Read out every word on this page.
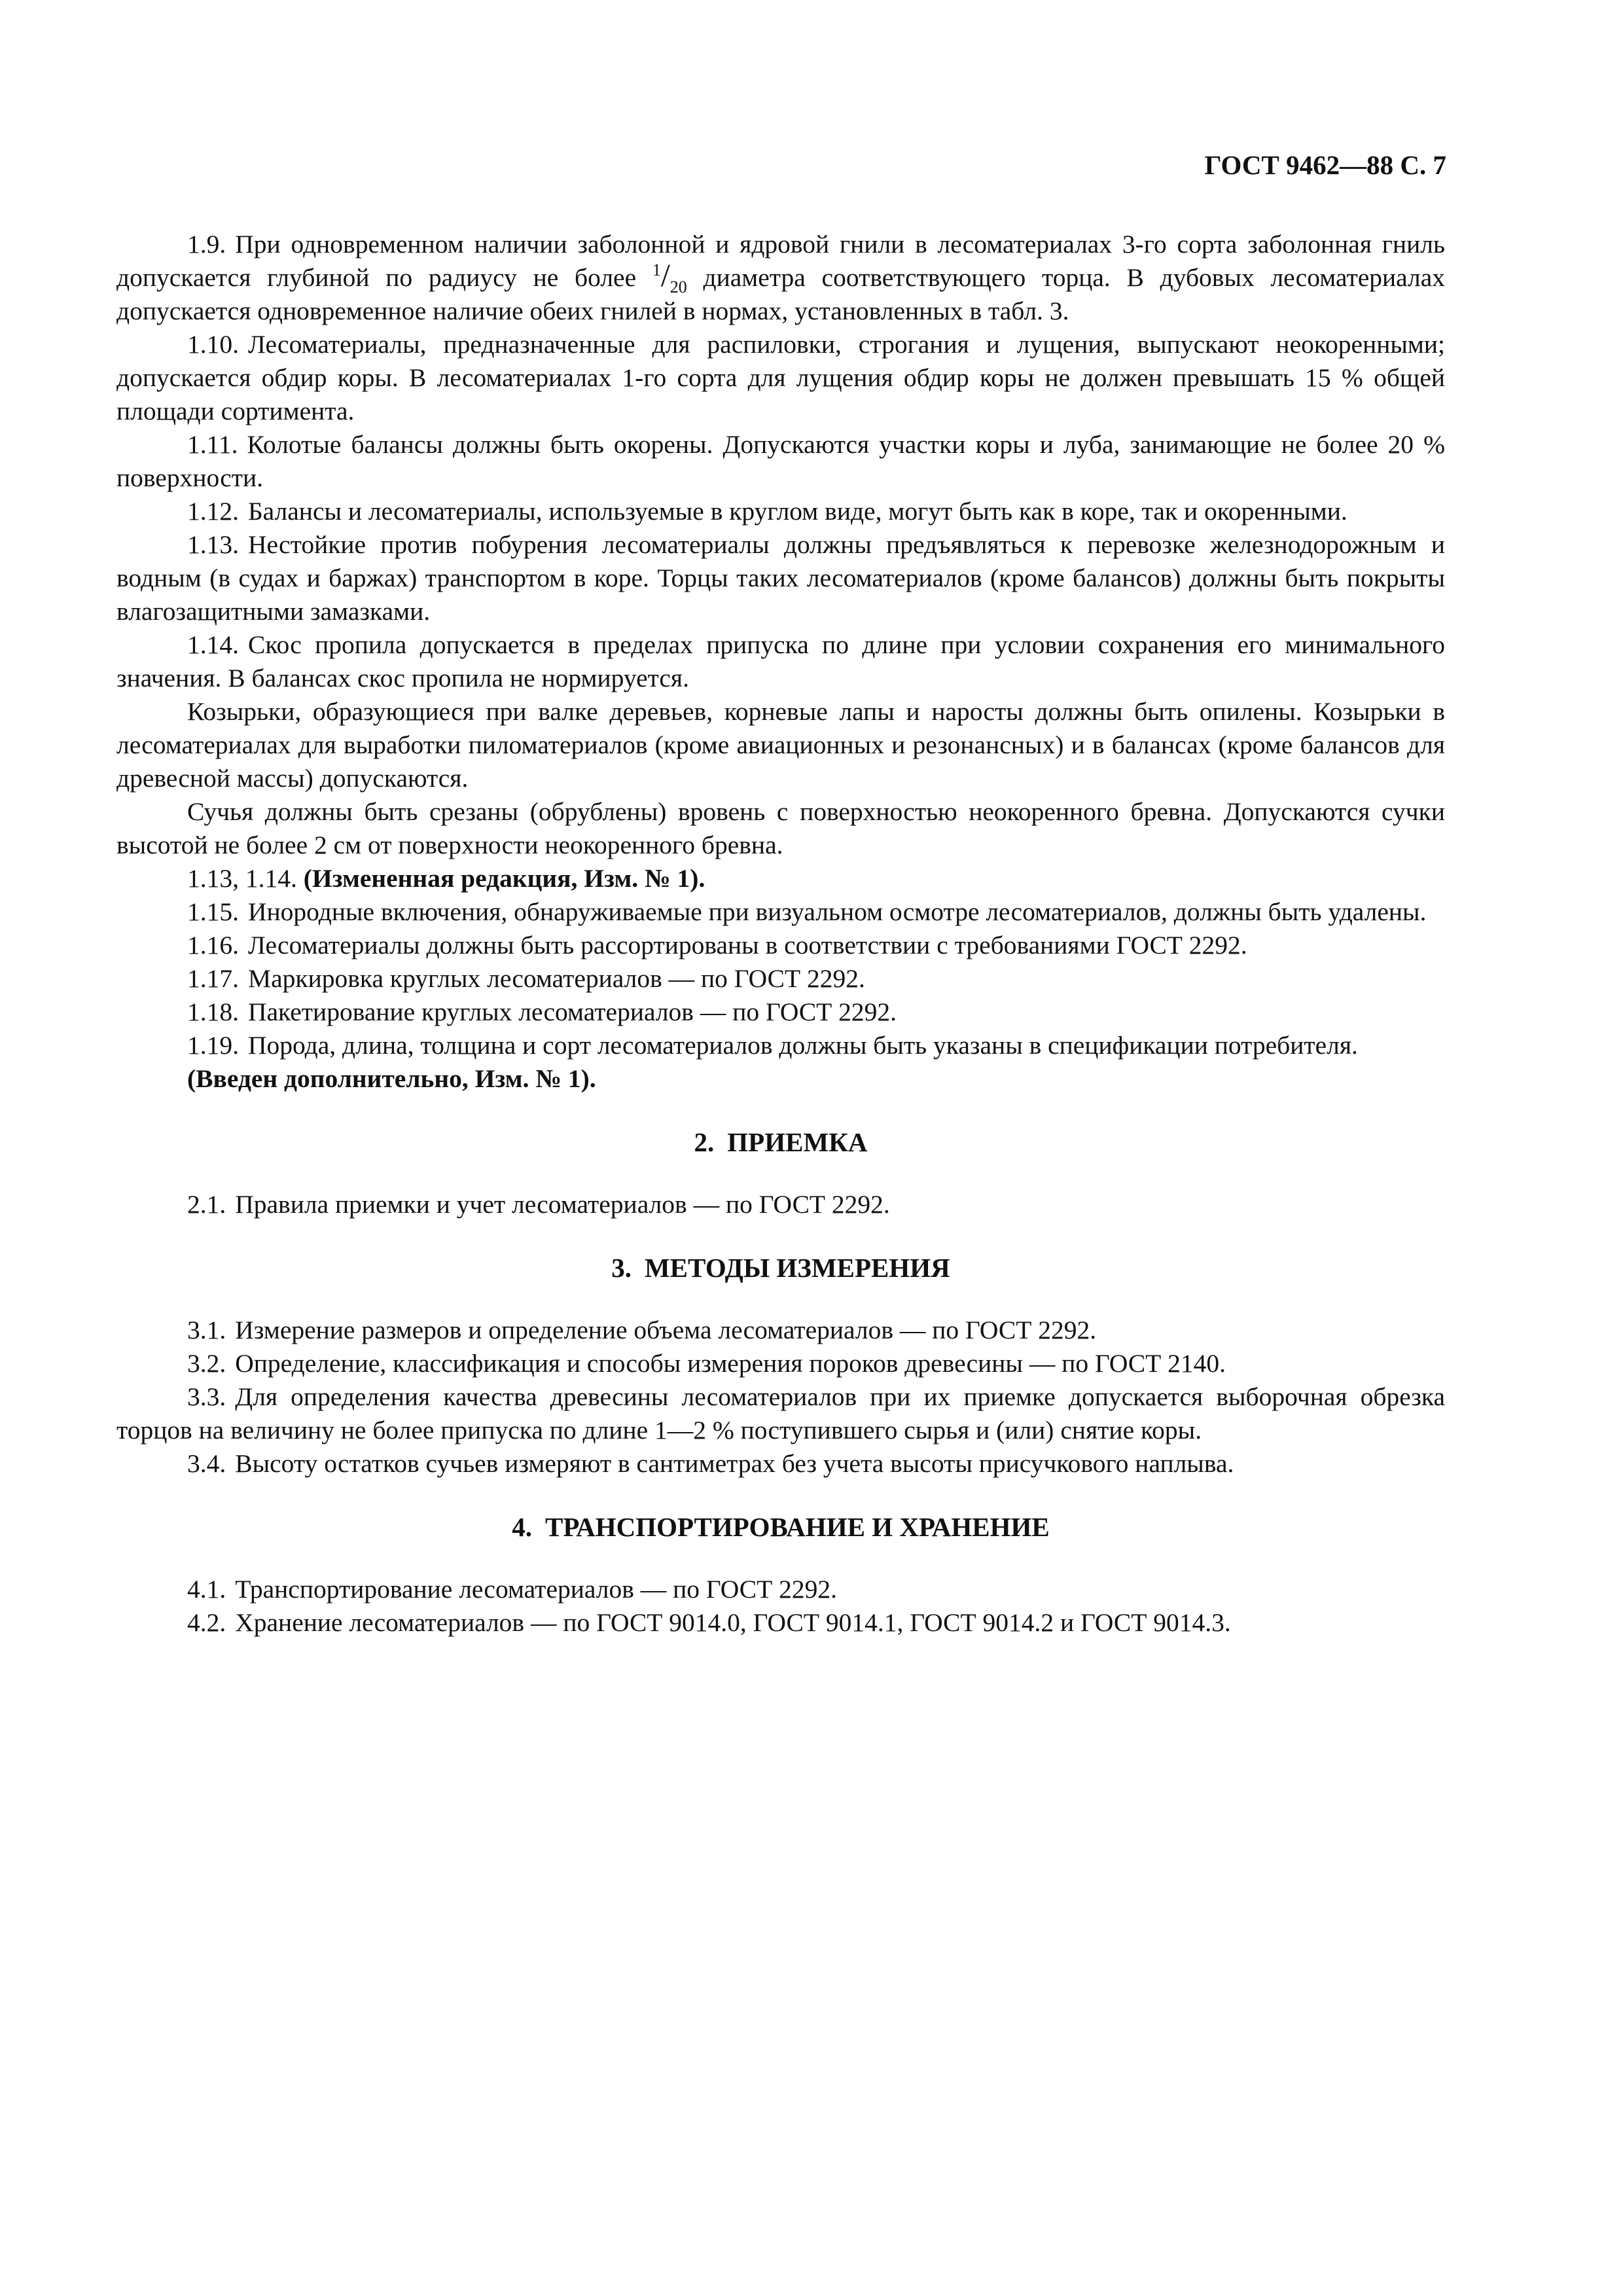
ГОСТ 9462—88 С. 7

1.9. При одновременном наличии заболонной и ядровой гнили в лесоматериалах 3-го сорта заболонная гниль допускается глубиной по радиусу не более $^1/_{20}$ диаметра соответствующего торца. В дубовых лесоматериалах допускается одновременное наличие обеих гнилей в нормах, установленных в табл. 3.

1.10. Лесоматериалы, предназначенные для распиловки, строгания и лущения, выпускают неокоренными; допускается обдир коры. В лесоматериалах 1-го сорта для лущения обдир коры не должен превышать 15 % общей площади сортимента.

1.11. Колотые балансы должны быть окорены. Допускаются участки коры и луба, занимающие не более 20 % поверхности.

1.12. Балансы и лесоматериалы, используемые в круглом виде, могут быть как в коре, так и окоренными.

1.13. Нестойкие против побурения лесоматериалы должны предъявляться к перевозке железнодорожным и водным (в судах и баржах) транспортом в коре. Торцы таких лесоматериалов (кроме балансов) должны быть покрыты влагозащитными замазками.

1.14. Скос пропила допускается в пределах припуска по длине при условии сохранения его минимального значения. В балансах скос пропила не нормируется.

Козырьки, образующиеся при валке деревьев, корневые лапы и наросты должны быть опилены. Козырьки в лесоматериалах для выработки пиломатериалов (кроме авиационных и резонансных) и в балансах (кроме балансов для древесной массы) допускаются.

Сучья должны быть срезаны (обрублены) вровень с поверхностью неокоренного бревна. Допускаются сучки высотой не более 2 см от поверхности неокоренного бревна.

1.13, 1.14. (Измененная редакция, Изм. № 1).

1.15. Инородные включения, обнаруживаемые при визуальном осмотре лесоматериалов, должны быть удалены.

1.16. Лесоматериалы должны быть рассортированы в соответствии с требованиями ГОСТ 2292.

1.17. Маркировка круглых лесоматериалов — по ГОСТ 2292.

1.18. Пакетирование круглых лесоматериалов — по ГОСТ 2292.

1.19. Порода, длина, толщина и сорт лесоматериалов должны быть указаны в спецификации потребителя.

(Введен дополнительно, Изм. № 1).

2. ПРИЕМКА

2.1. Правила приемки и учет лесоматериалов — по ГОСТ 2292.

3. МЕТОДЫ ИЗМЕРЕНИЯ

3.1. Измерение размеров и определение объема лесоматериалов — по ГОСТ 2292.

3.2. Определение, классификация и способы измерения пороков древесины — по ГОСТ 2140.

3.3. Для определения качества древесины лесоматериалов при их приемке допускается выборочная обрезка торцов на величину не более припуска по длине 1—2 % поступившего сырья и (или) снятие коры.

3.4. Высоту остатков сучьев измеряют в сантиметрах без учета высоты присучкового наплыва.

4. ТРАНСПОРТИРОВАНИЕ И ХРАНЕНИЕ

4.1. Транспортирование лесоматериалов — по ГОСТ 2292.

4.2. Хранение лесоматериалов — по ГОСТ 9014.0, ГОСТ 9014.1, ГОСТ 9014.2 и ГОСТ 9014.3.
